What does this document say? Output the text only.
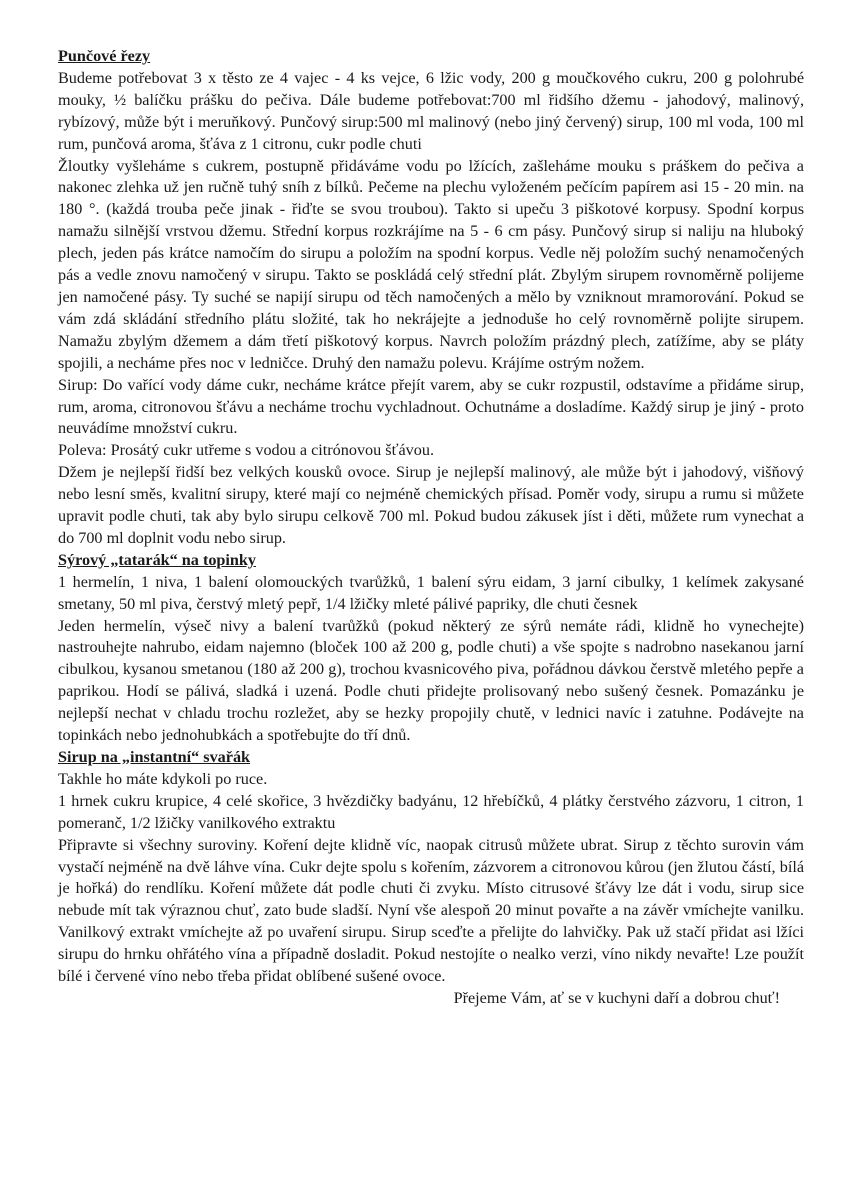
Punčové řezy

Budeme potřebovat 3 x těsto ze 4 vajec - 4 ks vejce, 6 lžic vody, 200 g moučkového cukru, 200 g polohrubé mouky, ½ balíčku prášku do pečiva. Dále budeme potřebovat:700 ml řidšího džemu - jahodový, malinový, rybízový, může být i meruňkový. Punčový sirup:500 ml malinový (nebo jiný červený) sirup, 100 ml voda, 100 ml rum, punčová aroma, šťáva z 1 citronu, cukr podle chuti

Žloutky vyšleháme s cukrem, postupně přidáváme vodu po lžících, zašleháme mouku s práškem do pečiva a nakonec zlehka už jen ručně tuhý sníh z bílků. Pečeme na plechu vyloženém pečícím papírem asi 15 - 20 min. na 180 °. (každá trouba peče jinak - řiďte se svou troubou). Takto si upeču 3 piškotové korpusy. Spodní korpus namažu silnější vrstvou džemu. Střední korpus rozkrájíme na 5 - 6 cm pásy. Punčový sirup si naliju na hluboký plech, jeden pás krátce namočím do sirupu a položím na spodní korpus. Vedle něj položím suchý nenamočených pás a vedle znovu namočený v sirupu. Takto se poskládá celý střední plát. Zbylým sirupem rovnoměrně polijeme jen namočené pásy. Ty suché se napijí sirupu od těch namočených a mělo by vzniknout mramorování. Pokud se vám zdá skládání středního plátu složité, tak ho nekrájejte a jednoduše ho celý rovnoměrně polijte sirupem. Namažu zbylým džemem a dám třetí piškotový korpus. Navrch položím prázdný plech, zatížíme, aby se pláty spojili, a necháme přes noc v ledničce. Druhý den namažu polevu. Krájíme ostrým nožem.

Sirup: Do vařící vody dáme cukr, necháme krátce přejít varem, aby se cukr rozpustil, odstavíme a přidáme sirup, rum, aroma, citronovou šťávu a necháme trochu vychladnout. Ochutnáme a dosladíme. Každý sirup je jiný - proto neuvádíme množství cukru.

Poleva: Prosátý cukr utřeme s vodou a citrónovou šťávou.

Džem je nejlepší řidší bez velkých kousků ovoce. Sirup je nejlepší malinový, ale může být i jahodový, višňový nebo lesní směs, kvalitní sirupy, které mají co nejméně chemických přísad. Poměr vody, sirupu a rumu si můžete upravit podle chuti, tak aby bylo sirupu celkově 700 ml. Pokud budou zákusek jíst i děti, můžete rum vynechat a do 700 ml doplnit vodu nebo sirup.

Sýrový „tatarák“ na topinky

1 hermelín, 1 niva, 1 balení olomouckých tvarůžků, 1 balení sýru eidam, 3 jarní cibulky, 1 kelímek zakysané smetany, 50 ml piva, čerstvý mletý pepř, 1/4 lžičky mleté pálivé papriky, dle chuti česnek

Jeden hermelín, výseč nivy a balení tvarůžků (pokud některý ze sýrů nemáte rádi, klidně ho vynechejte) nastrouhejte nahrubo, eidam najemno (bloček 100 až 200 g, podle chuti) a vše spojte s nadrobno nasekanou jarní cibulkou, kysanou smetanou (180 až 200 g), trochou kvasnicového piva, pořádnou dávkou čerstvě mletého pepře a paprikou. Hodí se pálivá, sladká i uzená. Podle chuti přidejte prolisovaný nebo sušený česnek. Pomazánku je nejlepší nechat v chladu trochu rozležet, aby se hezky propojily chutě, v lednici navíc i zatuhne. Podávejte na topinkách nebo jednohubkách a spotřebujte do tří dnů.

Sirup na „instantní“ svařák

Takhle ho máte kdykoli po ruce.

1 hrnek cukru krupice, 4 celé skořice, 3 hvězdičky badyánu, 12 hřebíčků, 4 plátky čerstvého zázvoru, 1 citron, 1 pomeranč, 1/2 lžičky vanilkového extraktu

Připravte si všechny suroviny. Koření dejte klidně víc, naopak citrusů můžete ubrat. Sirup z těchto surovin vám vystačí nejméně na dvě láhve vína. Cukr dejte spolu s kořením, zázvorem a citronovou kůrou (jen žlutou částí, bílá je hořká) do rendlíku. Koření můžete dát podle chuti či zvyku. Místo citrusové šťávy lze dát i vodu, sirup sice nebude mít tak výraznou chuť, zato bude sladší. Nyní vše alespoň 20 minut povařte a na závěr vmíchejte vanilku. Vanilkový extrakt vmíchejte až po uvaření sirupu. Sirup sceďte a přelijte do lahvičky. Pak už stačí přidat asi lžíci sirupu do hrnku ohřátého vína a případně dosladit. Pokud nestojíte o nealko verzi, víno nikdy nevařte! Lze použít bílé i červené víno nebo třeba přidat oblíbené sušené ovoce.

Přejeme Vám, ať se v kuchyni daří a dobrou chuť!
